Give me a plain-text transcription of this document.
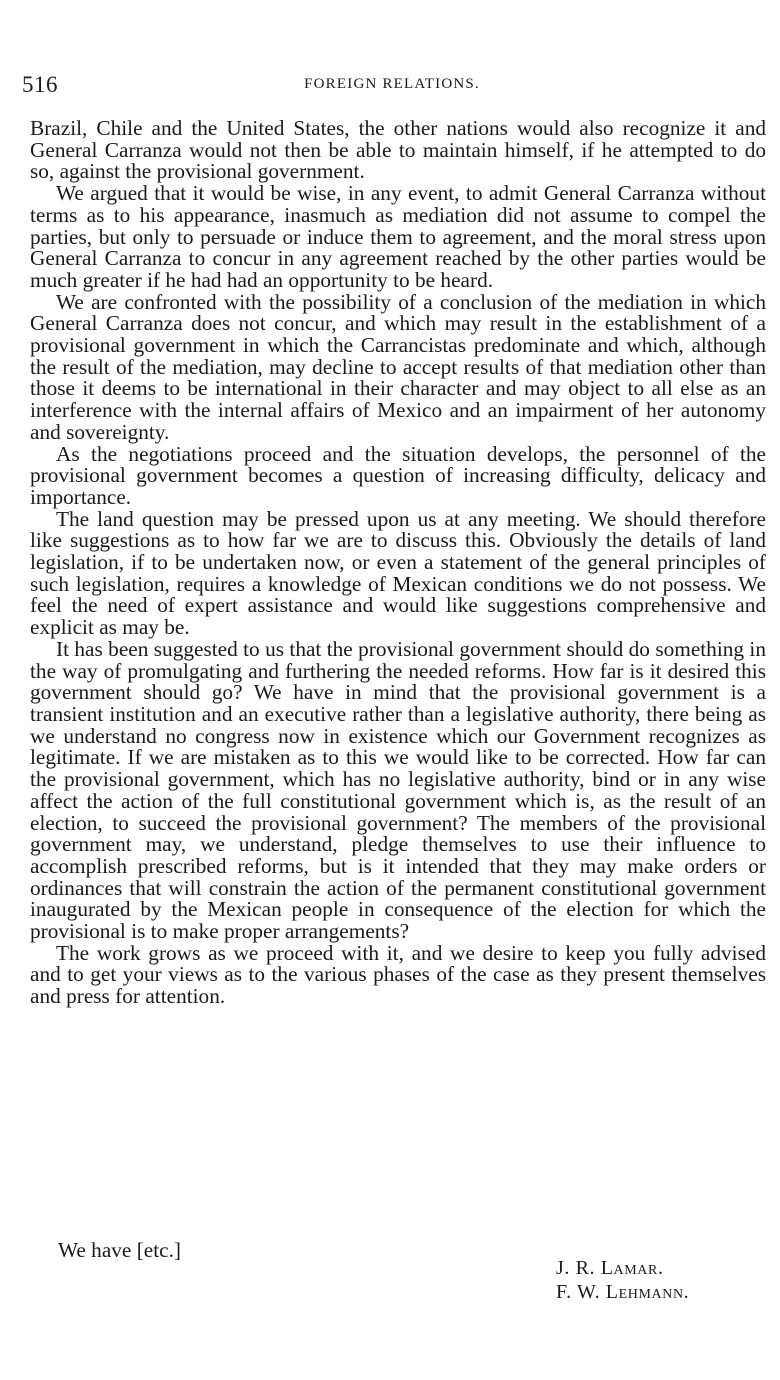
516	FOREIGN RELATIONS.

Brazil, Chile and the United States, the other nations would also recognize it and General Carranza would not then be able to maintain himself, if he attempted to do so, against the provisional government.

We argued that it would be wise, in any event, to admit General Carranza without terms as to his appearance, inasmuch as mediation did not assume to compel the parties, but only to persuade or induce them to agreement, and the moral stress upon General Carranza to concur in any agreement reached by the other parties would be much greater if he had had an opportunity to be heard.

We are confronted with the possibility of a conclusion of the mediation in which General Carranza does not concur, and which may result in the establishment of a provisional government in which the Carrancistas predominate and which, although the result of the mediation, may decline to accept results of that mediation other than those it deems to be international in their character and may object to all else as an interference with the internal affairs of Mexico and an impairment of her autonomy and sovereignty.

As the negotiations proceed and the situation develops, the personnel of the provisional government becomes a question of increasing difficulty, delicacy and importance.

The land question may be pressed upon us at any meeting. We should therefore like suggestions as to how far we are to discuss this. Obviously the details of land legislation, if to be undertaken now, or even a statement of the general principles of such legislation, requires a knowledge of Mexican conditions we do not possess. We feel the need of expert assistance and would like suggestions comprehensive and explicit as may be.

It has been suggested to us that the provisional government should do something in the way of promulgating and furthering the needed reforms. How far is it desired this government should go? We have in mind that the provisional government is a transient institution and an executive rather than a legislative authority, there being as we understand no congress now in existence which our Government recognizes as legitimate. If we are mistaken as to this we would like to be corrected. How far can the provisional government, which has no legislative authority, bind or in any wise affect the action of the full constitutional government which is, as the result of an election, to succeed the provisional government? The members of the provisional government may, we understand, pledge themselves to use their influence to accomplish prescribed reforms, but is it intended that they may make orders or ordinances that will constrain the action of the permanent constitutional government inaugurated by the Mexican people in consequence of the election for which the provisional is to make proper arrangements?

The work grows as we proceed with it, and we desire to keep you fully advised and to get your views as to the various phases of the case as they present themselves and press for attention.

We have [etc.]
J. R. Lamar.
F. W. Lehmann.
